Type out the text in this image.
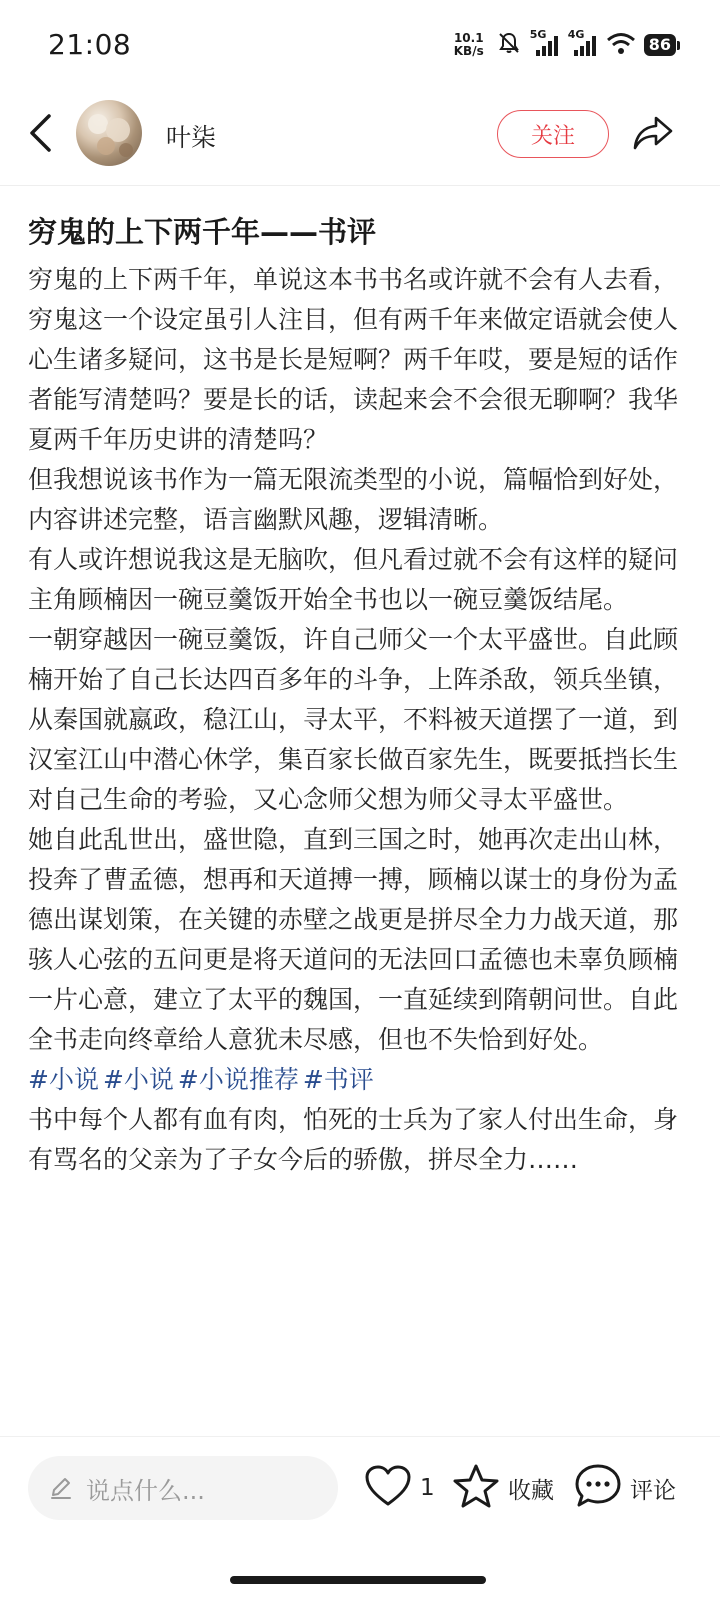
21:08	10.1
KB/s
5G 4G
86
叶柒	关注
穷鬼的上下两千年——书评

穷鬼的上下两千年，单说这本书书名或许就不会有人去看，穷鬼这一个设定虽引人注目，但有两千年来做定语就会使人心生诸多疑问，这书是长是短啊？两千年哎，要是短的话作者能写清楚吗？要是长的话，读起来会不会很无聊啊？我华夏两千年历史讲的清楚吗？

但我想说该书作为一篇无限流类型的小说，篇幅恰到好处，内容讲述完整，语言幽默风趣，逻辑清晰。

有人或许想说我这是无脑吹，但凡看过就不会有这样的疑问

主角顾楠因一碗豆羹饭开始全书也以一碗豆羹饭结尾。

一朝穿越因一碗豆羹饭，许自己师父一个太平盛世。自此顾楠开始了自己长达四百多年的斗争，上阵杀敌，领兵坐镇，从秦国就嬴政，稳江山，寻太平，不料被天道摆了一道，到汉室江山中潜心休学，集百家长做百家先生，既要抵挡长生对自己生命的考验，又心念师父想为师父寻太平盛世。

她自此乱世出，盛世隐，直到三国之时，她再次走出山林，投奔了曹孟德，想再和天道搏一搏，顾楠以谋士的身份为孟德出谋划策，在关键的赤壁之战更是拼尽全力力战天道，那骇人心弦的五问更是将天道问的无法回口孟德也未辜负顾楠一片心意，建立了太平的魏国，一直延续到隋朝问世。自此全书走向终章给人意犹未尽感，但也不失恰到好处。

#小说 #小说 #小说推荐 #书评

书中每个人都有血有肉，怕死的士兵为了家人付出生命，身有骂名的父亲为了子女今后的骄傲，拼尽全力……

说点什么...	1	收藏	评论
